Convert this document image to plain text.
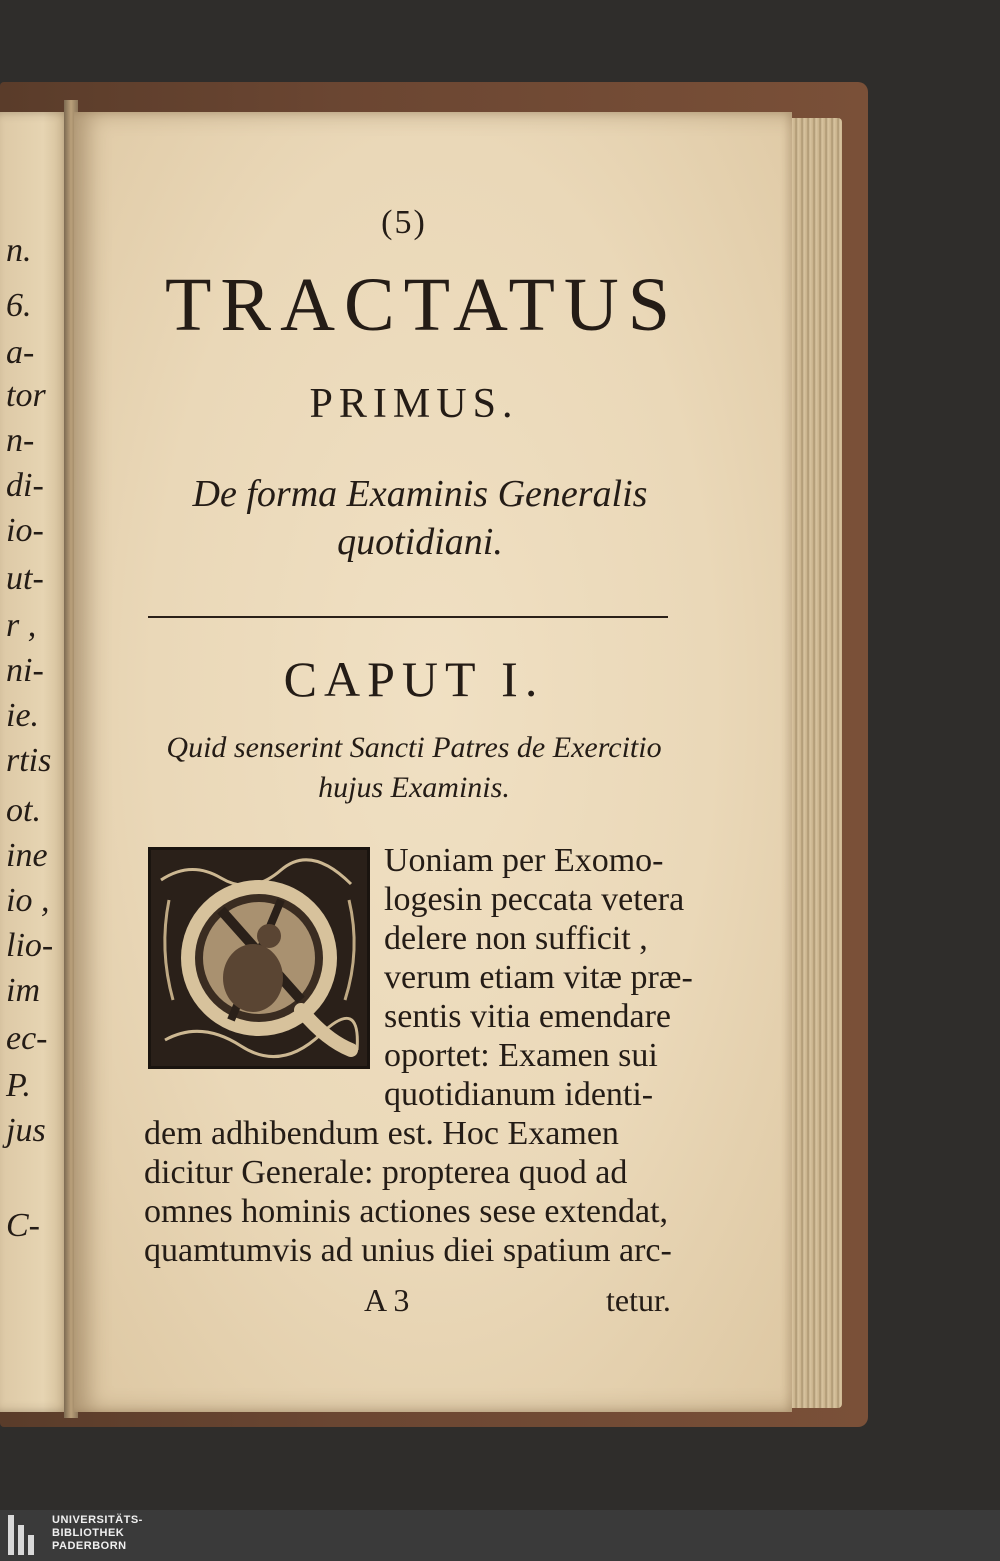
n.
6.
a-
tor
n-
di-
io-
ut-
r ,
ni-
ie.
rtis
ot.
ine
io ,
lio-
im
ec-
P.
jus
C-
(5)
TRACTATUS
PRIMUS.
De forma Examinis Generalis
quotidiani.
CAPUT I.
Quid senserint Sancti Patres de Exercitio
hujus Examinis.
Uoniam per Exomo-
logesin peccata vetera
delere non sufficit ,
verum etiam vitæ præ-
sentis vitia emendare
oportet: Examen sui
quotidianum identi-
dem adhibendum est. Hoc Examen
dicitur Generale: propterea quod ad
omnes hominis actiones sese extendat,
quamtumvis ad unius diei spatium arc-
A 3	tetur.
UNIVERSITÄTS-
BIBLIOTHEK
PADERBORN
